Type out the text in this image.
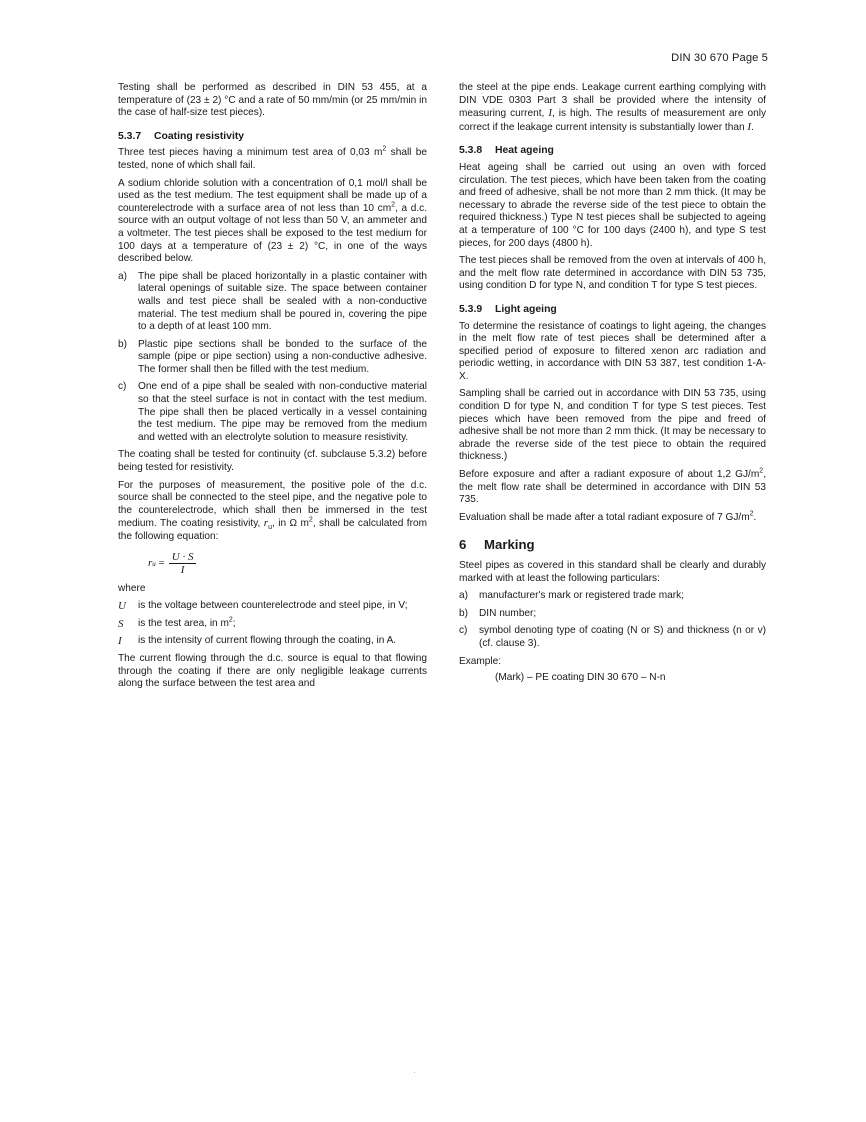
DIN 30 670 Page 5

Testing shall be performed as described in DIN 53 455, at a temperature of (23 ± 2) °C and a rate of 50 mm/min (or 25 mm/min in the case of half-size test pieces).

5.3.7 Coating resistivity

Three test pieces having a minimum test area of 0,03 $m^2$ shall be tested, none of which shall fail.

A sodium chloride solution with a concentration of 0,1 mol/l shall be used as the test medium. The test equipment shall be made up of a counterelectrode with a surface area of not less than 10 $cm^2$, a d.c. source with an output voltage of not less than 50 V, an ammeter and a voltmeter. The test pieces shall be exposed to the test medium for 100 days at a temperature of (23 ± 2) °C, in one of the ways described below.

a)	The pipe shall be placed horizontally in a plastic container with lateral openings of suitable size. The space between container walls and test piece shall be sealed with a non-conductive material. The test medium shall be poured in, covering the pipe to a depth of at least 100 mm.
b)	Plastic pipe sections shall be bonded to the surface of the sample (pipe or pipe section) using a non-conductive adhesive. The former shall then be filled with the test medium.
c)	One end of a pipe shall be sealed with non-conductive material so that the steel surface is not in contact with the test medium. The pipe shall then be placed vertically in a vessel containing the test medium. The pipe may be removed from the medium and wetted with an electrolyte solution to measure resistivity.

The coating shall be tested for continuity (cf. subclause 5.3.2) before being tested for resistivity.

For the purposes of measurement, the positive pole of the d.c. source shall be connected to the steel pipe, and the negative pole to the counterelectrode, which shall then be immersed in the test medium. The coating resistivity, $r_u$, in Ω $m^2$, shall be calculated from the following equation:

r u
= $\frac{U \cdot S}{I}$

where

U	is the voltage between counterelectrode and steel pipe, in V;
S	is the test area, in $m^2$;
I	is the intensity of current flowing through the coating, in A.

The current flowing through the d.c. source is equal to that flowing through the coating if there are only negligible leakage currents along the surface between the test area and

the steel at the pipe ends. Leakage current earthing complying with DIN VDE 0303 Part 3 shall be provided where the intensity of measuring current, I, is high. The results of measurement are only correct if the leakage current intensity is substantially lower than I.

5.3.8 Heat ageing

Heat ageing shall be carried out using an oven with forced circulation. The test pieces, which have been taken from the coating and freed of adhesive, shall be not more than 2 mm thick. (It may be necessary to abrade the reverse side of the test piece to obtain the required thickness.) Type N test pieces shall be subjected to ageing at a temperature of 100 °C for 100 days (2400 h), and type S test pieces, for 200 days (4800 h).

The test pieces shall be removed from the oven at intervals of 400 h, and the melt flow rate determined in accordance with DIN 53 735, using condition D for type N, and condition T for type S test pieces.

5.3.9 Light ageing

To determine the resistance of coatings to light ageing, the changes in the melt flow rate of test pieces shall be determined after a specified period of exposure to filtered xenon arc radiation and periodic wetting, in accordance with DIN 53 387, test condition 1-A-X.

Sampling shall be carried out in accordance with DIN 53 735, using condition D for type N, and condition T for type S test pieces. Test pieces which have been removed from the pipe and freed of adhesive shall be not more than 2 mm thick. (It may be necessary to abrade the reverse side of the test piece to obtain the required thickness.)

Before exposure and after a radiant exposure of about 1,2 $GJ/m^2$, the melt flow rate shall be determined in accordance with DIN 53 735.

Evaluation shall be made after a total radiant exposure of 7 $GJ/m^2$.

6 Marking

Steel pipes as covered in this standard shall be clearly and durably marked with at least the following particulars:

a)	manufacturer's mark or registered trade mark;
b)	DIN number;
c)	symbol denoting type of coating (N or S) and thickness (n or v) (cf. clause 3).

Example:

(Mark) – PE coating DIN 30 670 – N-n
